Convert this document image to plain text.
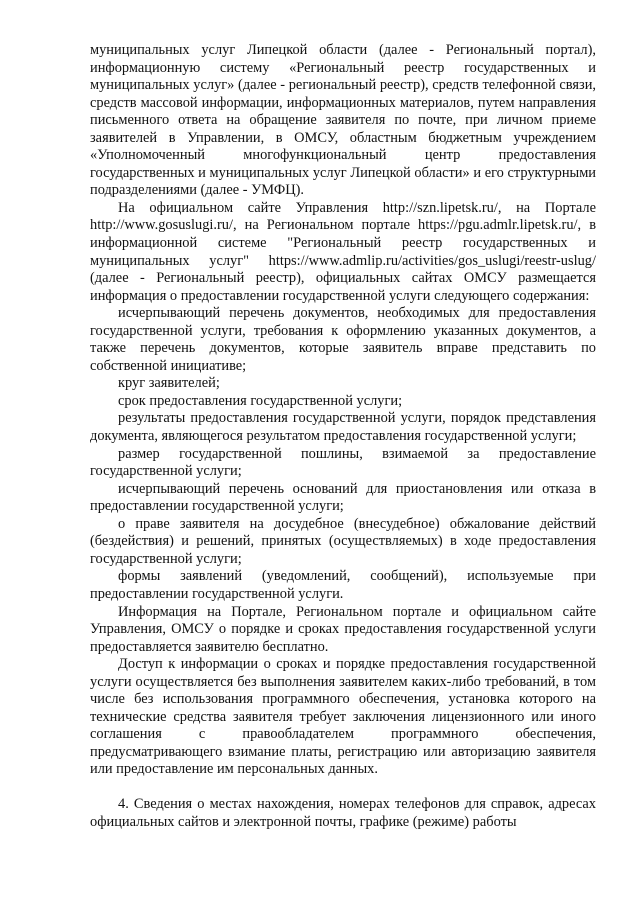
муниципальных услуг Липецкой области (далее - Региональный портал), информационную систему «Региональный реестр государственных и муниципальных услуг» (далее - региональный реестр), средств телефонной связи, средств массовой информации, информационных материалов, путем направления письменного ответа на обращение заявителя по почте, при личном приеме заявителей в Управлении, в ОМСУ, областным бюджетным учреждением «Уполномоченный многофункциональный центр предоставления государственных и муниципальных услуг Липецкой области» и его структурными подразделениями (далее - УМФЦ).

На официальном сайте Управления http://szn.lipetsk.ru/, на Портале http://www.gosuslugi.ru/, на Региональном портале https://pgu.admlr.lipetsk.ru/, в информационной системе "Региональный реестр государственных и муниципальных услуг" https://www.admlip.ru/activities/gos_uslugi/reestr-uslug/ (далее - Региональный реестр), официальных сайтах ОМСУ размещается информация о предоставлении государственной услуги следующего содержания:

исчерпывающий перечень документов, необходимых для предоставления государственной услуги, требования к оформлению указанных документов, а также перечень документов, которые заявитель вправе представить по собственной инициативе;

круг заявителей;

срок предоставления государственной услуги;

результаты предоставления государственной услуги, порядок представления документа, являющегося результатом предоставления государственной услуги;

размер государственной пошлины, взимаемой за предоставление государственной услуги;

исчерпывающий перечень оснований для приостановления или отказа в предоставлении государственной услуги;

о праве заявителя на досудебное (внесудебное) обжалование действий (бездействия) и решений, принятых (осуществляемых) в ходе предоставления государственной услуги;

формы заявлений (уведомлений, сообщений), используемые при предоставлении государственной услуги.

Информация на Портале, Региональном портале и официальном сайте Управления, ОМСУ о порядке и сроках предоставления государственной услуги предоставляется заявителю бесплатно.

Доступ к информации о сроках и порядке предоставления государственной услуги осуществляется без выполнения заявителем каких-либо требований, в том числе без использования программного обеспечения, установка которого на технические средства заявителя требует заключения лицензионного или иного соглашения с правообладателем программного обеспечения, предусматривающего взимание платы, регистрацию или авторизацию заявителя или предоставление им персональных данных.

4. Сведения о местах нахождения, номерах телефонов для справок, адресах официальных сайтов и электронной почты, графике (режиме) работы
